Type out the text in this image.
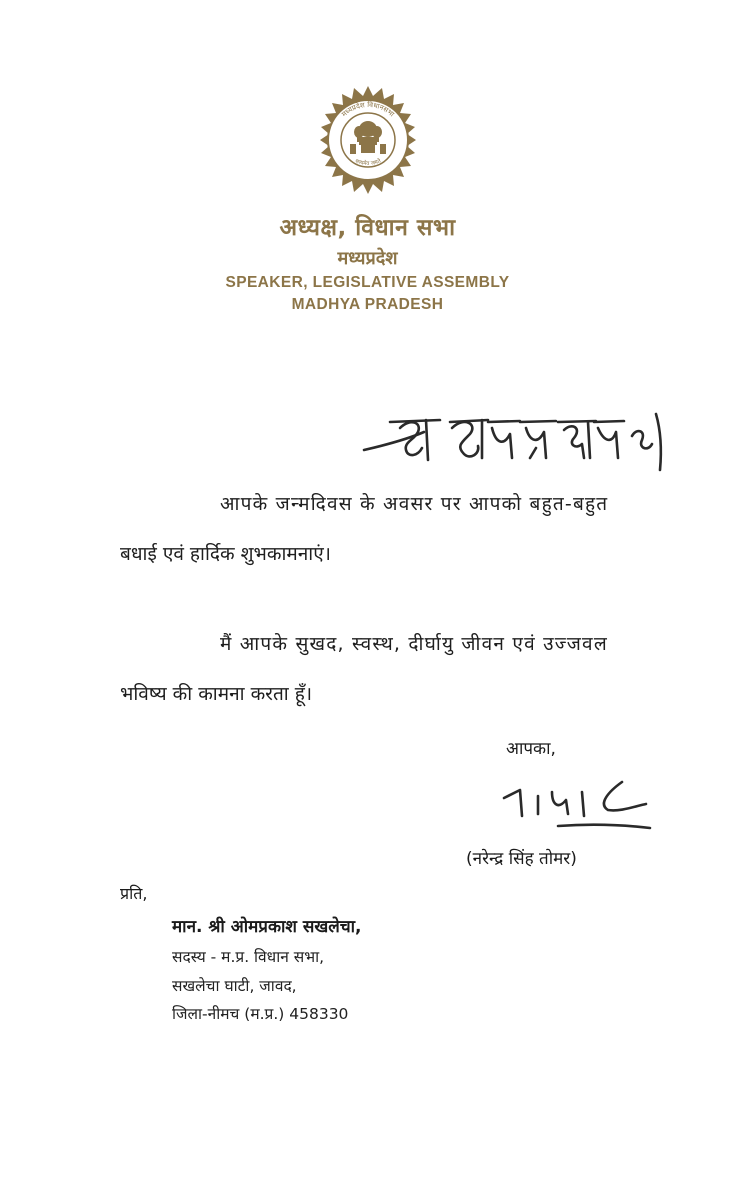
मध्यप्रदेश विधानसभा
सत्यमेव जयते
अध्यक्ष, विधान सभा
मध्यप्रदेश
SPEAKER, LEGISLATIVE ASSEMBLY
MADHYA PRADESH
आपके जन्मदिवस के अवसर पर आपको बहुत-बहुत
बधाई एवं हार्दिक शुभकामनाएं।
मैं आपके सुखद, स्वस्थ, दीर्घायु जीवन एवं उज्जवल
भविष्य की कामना करता हूँ।
आपका,
(नरेन्द्र सिंह तोमर)
प्रति,
मान. श्री ओमप्रकाश सखलेचा,
सदस्य - म.प्र. विधान सभा,
सखलेचा घाटी, जावद,
जिला-नीमच (म.प्र.) 458330
